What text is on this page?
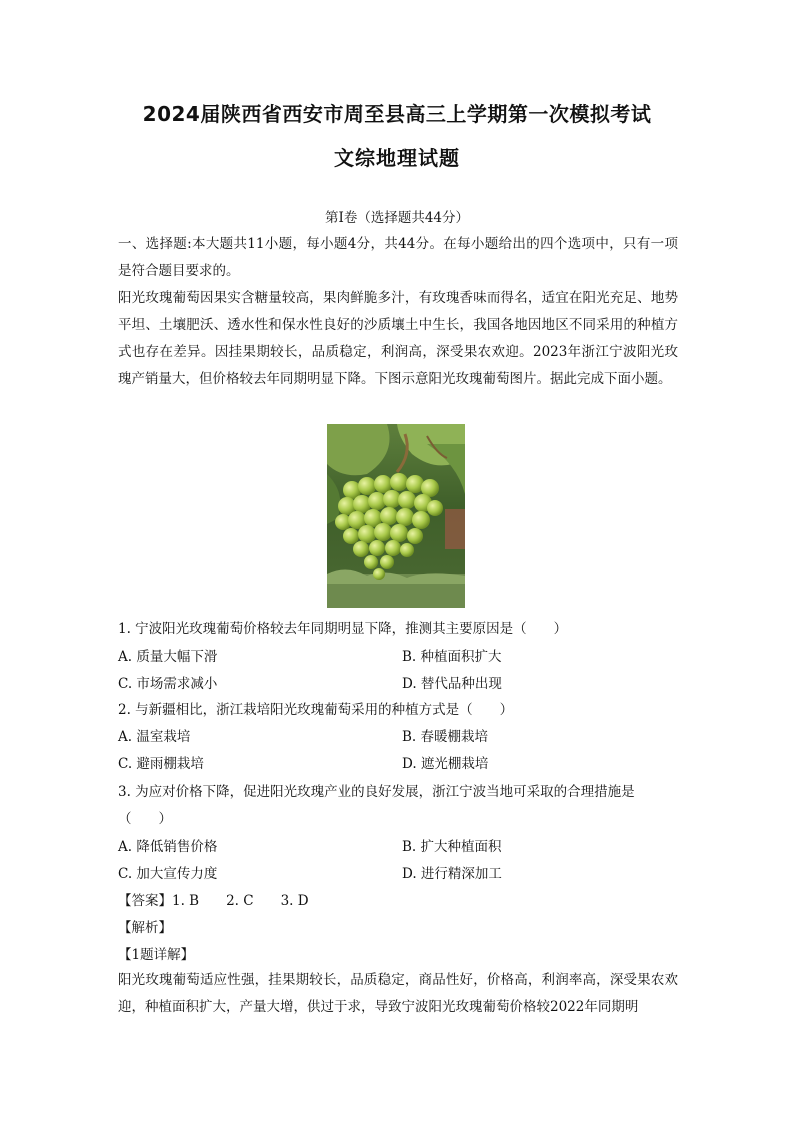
2024届陕西省西安市周至县高三上学期第一次模拟考试
文综地理试题
第Ⅰ卷（选择题共44分）
一、选择题:本大题共11小题，每小题4分，共44分。在每小题给出的四个选项中，只有一项是符合题目要求的。
阳光玫瑰葡萄因果实含糖量较高，果肉鲜脆多汁，有玫瑰香味而得名，适宜在阳光充足、地势平坦、土壤肥沃、透水性和保水性良好的沙质壤土中生长，我国各地因地区不同采用的种植方式也存在差异。因挂果期较长，品质稳定，利润高，深受果农欢迎。2023年浙江宁波阳光玫瑰产销量大，但价格较去年同期明显下降。下图示意阳光玫瑰葡萄图片。据此完成下面小题。
1. 宁波阳光玫瑰葡萄价格较去年同期明显下降，推测其主要原因是（　　）
A. 质量大幅下滑	B. 种植面积扩大
C. 市场需求减小	D. 替代品种出现
2. 与新疆相比，浙江栽培阳光玫瑰葡萄采用的种植方式是（　　）
A. 温室栽培	B. 春暖棚栽培
C. 避雨棚栽培	D. 遮光棚栽培
3. 为应对价格下降，促进阳光玫瑰产业的良好发展，浙江宁波当地可采取的合理措施是
（　　）
A. 降低销售价格	B. 扩大种植面积
C. 加大宣传力度	D. 进行精深加工
【答案】1. B　　2. C　　3. D
【解析】
【1题详解】
阳光玫瑰葡萄适应性强，挂果期较长，品质稳定，商品性好，价格高，利润率高，深受果农欢迎，种植面积扩大，产量大增，供过于求，导致宁波阳光玫瑰葡萄价格较2022年同期明
